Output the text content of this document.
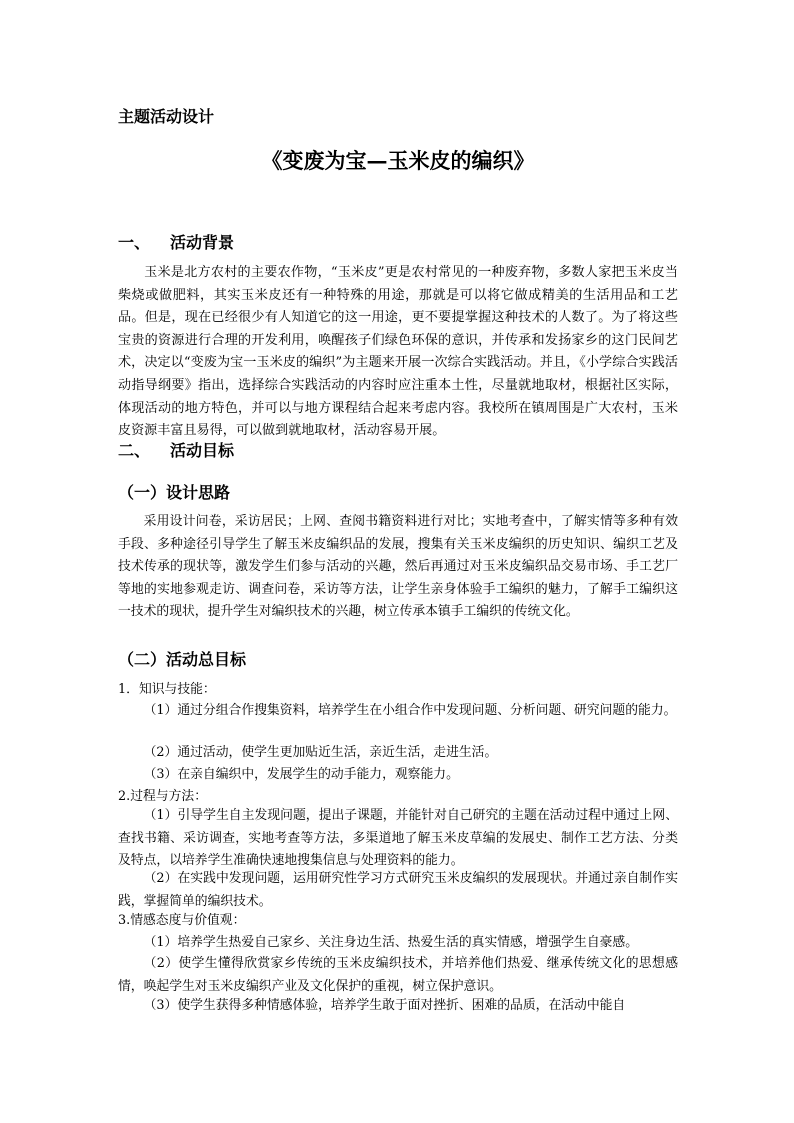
主题活动设计
《变废为宝—玉米皮的编织》
一、 活动背景

玉米是北方农村的主要农作物，“玉米皮”更是农村常见的一种废弃物，多数人家把玉米皮当柴烧或做肥料，其实玉米皮还有一种特殊的用途，那就是可以将它做成精美的生活用品和工艺品。但是，现在已经很少有人知道它的这一用途，更不要提掌握这种技术的人数了。为了将这些宝贵的资源进行合理的开发利用，唤醒孩子们绿色环保的意识，并传承和发扬家乡的这门民间艺术，决定以“变废为宝一玉米皮的编织”为主题来开展一次综合实践活动。并且，《小学综合实践活动指导纲要》指出，选择综合实践活动的内容时应注重本土性，尽量就地取材，根据社区实际，体现活动的地方特色，并可以与地方课程结合起来考虑内容。我校所在镇周围是广大农村，玉米皮资源丰富且易得，可以做到就地取材，活动容易开展。

二、 活动目标
（一）设计思路

采用设计问卷，采访居民；上网、查阅书籍资料进行对比；实地考查中，了解实情等多种有效手段、多种途径引导学生了解玉米皮编织品的发展，搜集有关玉米皮编织的历史知识、编织工艺及技术传承的现状等，激发学生们参与活动的兴趣，然后再通过对玉米皮编织品交易市场、手工艺厂等地的实地参观走访、调查问卷，采访等方法，让学生亲身体验手工编织的魅力，了解手工编织这一技术的现状，提升学生对编织技术的兴趣，树立传承本镇手工编织的传统文化。

（二）活动总目标
1．知识与技能：

（1）通过分组合作搜集资料，培养学生在小组合作中发现问题、分析问题、研究问题的能力。

（2）通过活动，使学生更加贴近生活，亲近生活，走进生活。

（3）在亲自编织中，发展学生的动手能力，观察能力。

2.过程与方法：

（1）引导学生自主发现问题，提出子课题，并能针对自己研究的主题在活动过程中通过上网、查找书籍、采访调查，实地考查等方法，多渠道地了解玉米皮草编的发展史、制作工艺方法、分类及特点，以培养学生准确快速地搜集信息与处理资料的能力。

（2）在实践中发现问题，运用研究性学习方式研究玉米皮编织的发展现状。并通过亲自制作实践，掌握简单的编织技术。

3.情感态度与价值观：

（1）培养学生热爱自己家乡、关注身边生活、热爱生活的真实情感，增强学生自豪感。

（2）使学生懂得欣赏家乡传统的玉米皮编织技术，并培养他们热爱、继承传统文化的思想感情，唤起学生对玉米皮编织产业及文化保护的重视，树立保护意识。

（3）使学生获得多种情感体验，培养学生敢于面对挫折、困难的品质，在活动中能自
